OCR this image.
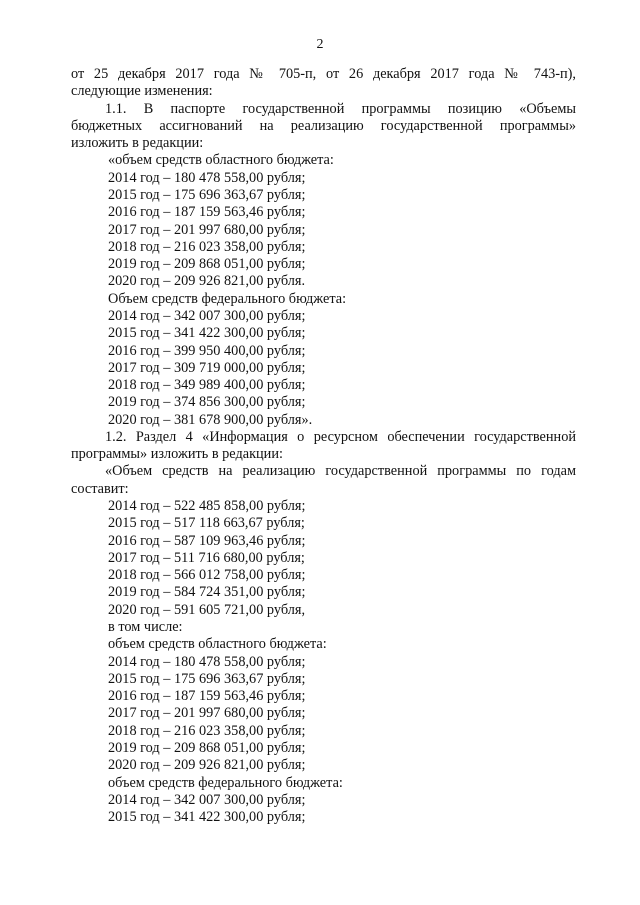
2

от 25 декабря 2017 года № 705-п, от 26 декабря 2017 года № 743-п),

следующие изменения:

1.1. В паспорте государственной программы позицию «Объемы

бюджетных ассигнований на реализацию государственной программы»

изложить в редакции:

«объем средств областного бюджета:

2014 год – 180 478 558,00 рубля;

2015 год – 175 696 363,67 рубля;

2016 год – 187 159 563,46 рубля;

2017 год – 201 997 680,00 рубля;

2018 год – 216 023 358,00 рубля;

2019 год – 209 868 051,00 рубля;

2020 год – 209 926 821,00 рубля.

Объем средств федерального бюджета:

2014 год – 342 007 300,00 рубля;

2015 год – 341 422 300,00 рубля;

2016 год – 399 950 400,00 рубля;

2017 год – 309 719 000,00 рубля;

2018 год – 349 989 400,00 рубля;

2019 год – 374 856 300,00 рубля;

2020 год – 381 678 900,00 рубля».

1.2. Раздел 4 «Информация о ресурсном обеспечении государственной

программы» изложить в редакции:

«Объем средств на реализацию государственной программы по годам

составит:

2014 год – 522 485 858,00 рубля;

2015 год – 517 118 663,67 рубля;

2016 год – 587 109 963,46 рубля;

2017 год – 511 716 680,00 рубля;

2018 год – 566 012 758,00 рубля;

2019 год – 584 724 351,00 рубля;

2020 год – 591 605 721,00 рубля,

в том числе:

объем средств областного бюджета:

2014 год – 180 478 558,00 рубля;

2015 год – 175 696 363,67 рубля;

2016 год – 187 159 563,46 рубля;

2017 год – 201 997 680,00 рубля;

2018 год – 216 023 358,00 рубля;

2019 год – 209 868 051,00 рубля;

2020 год – 209 926 821,00 рубля;

объем средств федерального бюджета:

2014 год – 342 007 300,00 рубля;

2015 год – 341 422 300,00 рубля;
